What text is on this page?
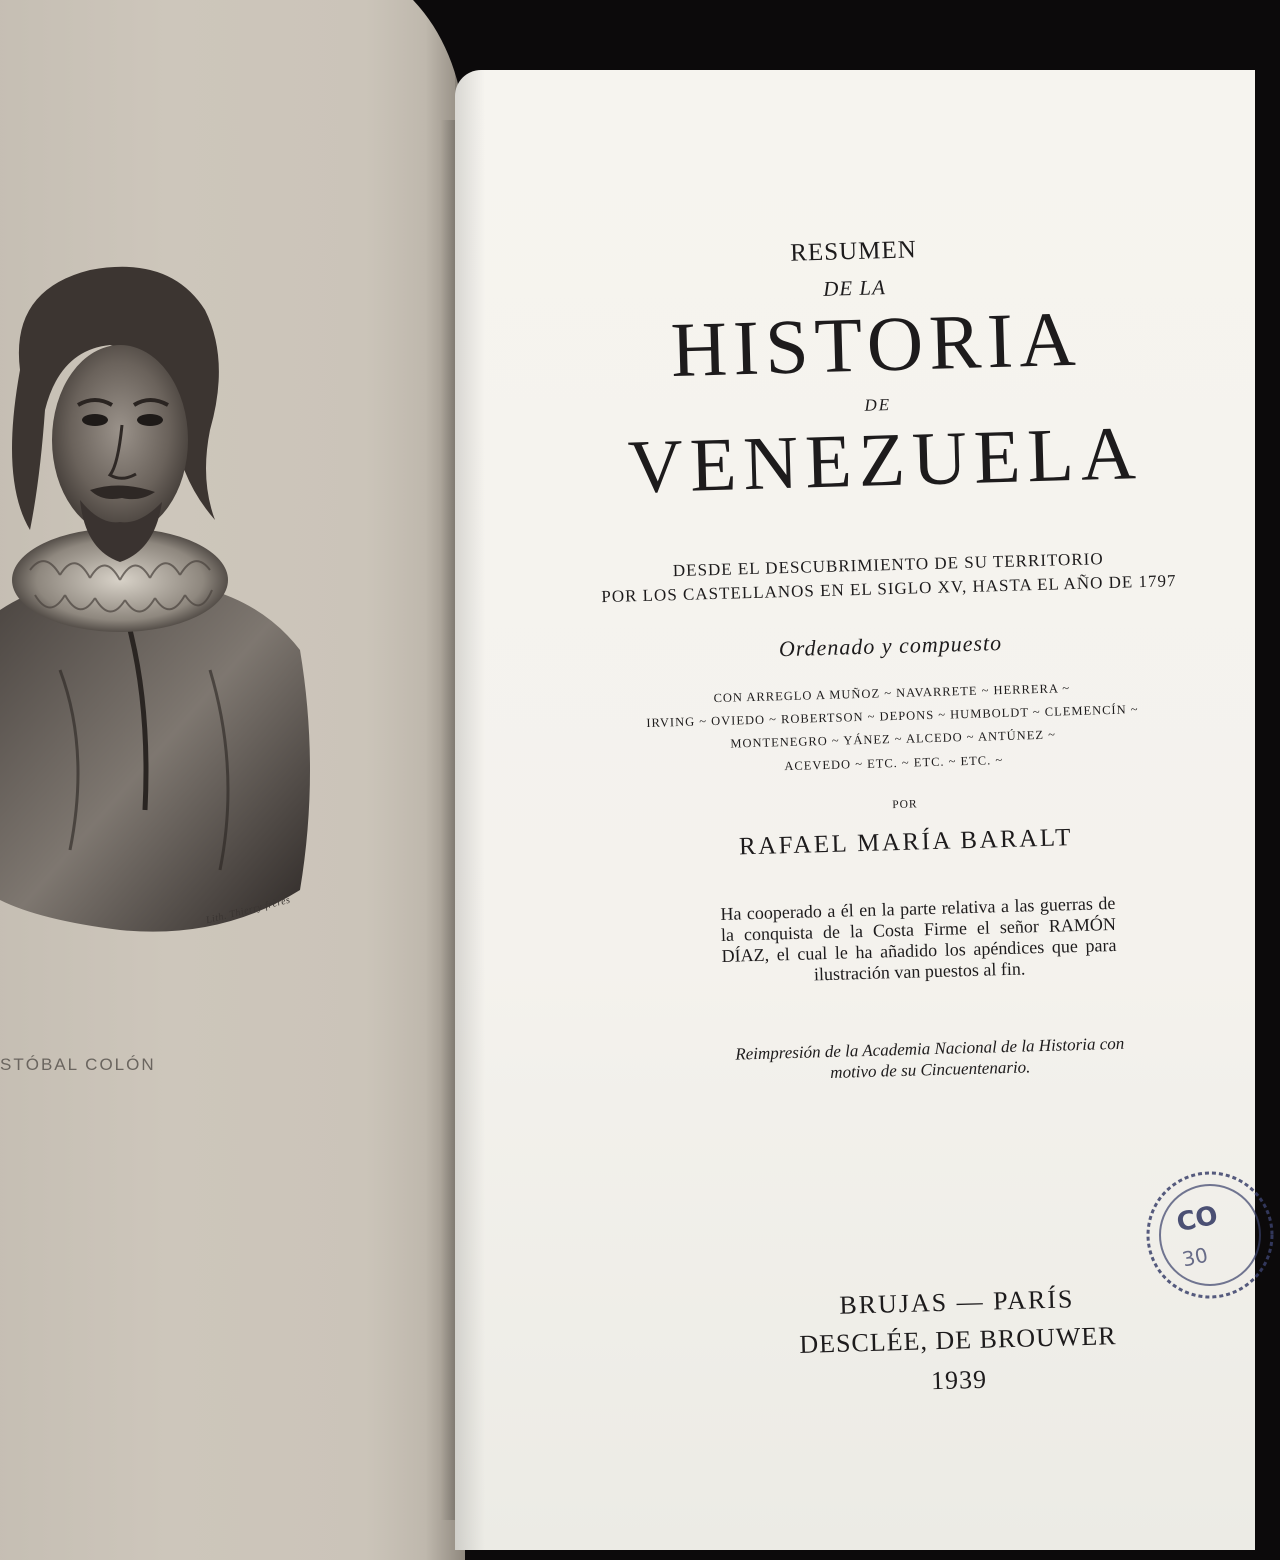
Lith. Thierry frères
STÓBAL COLÓN
RESUMEN
DE LA
HISTORIA
DE
VENEZUELA
DESDE EL DESCUBRIMIENTO DE SU TERRITORIO
POR LOS CASTELLANOS EN EL SIGLO XV, HASTA EL AÑO DE 1797
Ordenado y compuesto
CON ARREGLO A MUÑOZ ~ NAVARRETE ~ HERRERA ~
IRVING ~ OVIEDO ~ ROBERTSON ~ DEPONS ~ HUMBOLDT ~ CLEMENCÍN ~
MONTENEGRO ~ YÁNEZ ~ ALCEDO ~ ANTÚNEZ ~
ACEVEDO ~ ETC. ~ ETC. ~ ETC. ~
POR
RAFAEL MARÍA BARALT
Ha cooperado a él en la parte relativa a las guerras de la conquista de la Costa Firme el señor RAMÓN DÍAZ, el cual le ha añadido los apéndices que para ilustración van puestos al fin.
Reimpresión de la Academia Nacional de la Historia con motivo de su Cincuentenario.
BRUJAS — PARÍS
DESCLÉE, DE BROUWER
1939
CO
30
